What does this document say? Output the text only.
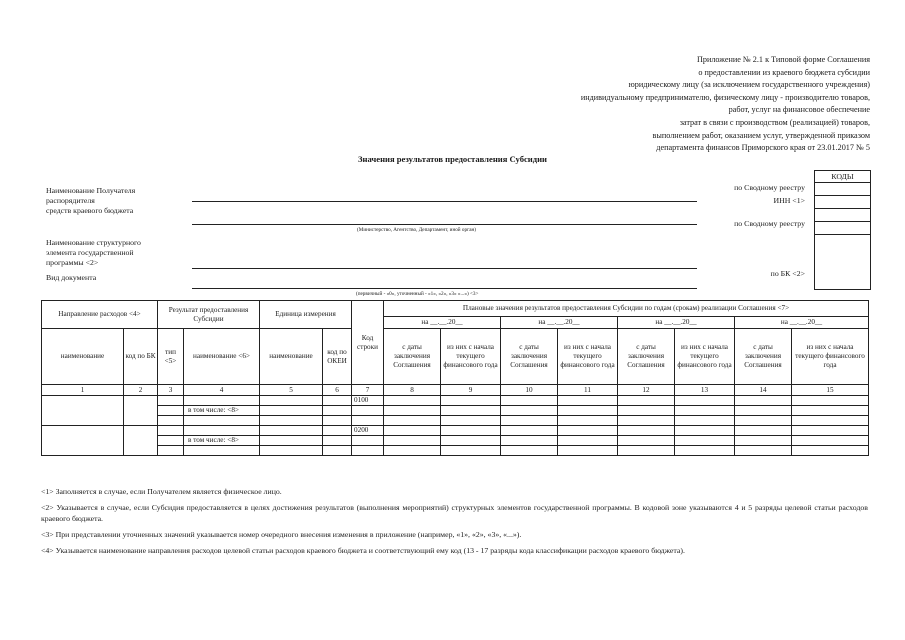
Приложение № 2.1 к Типовой форме Соглашения
о предоставлении из краевого бюджета субсидии
юридическому лицу (за исключением государственного учреждения)
индивидуальному предпринимателю, физическому лицу - производителю товаров,
работ, услуг на финансовое обеспечение
затрат в связи с производством (реализацией) товаров,
выполнением работ, оказанием услуг, утвержденной приказом
департамента финансов Приморского края от 23.01.2017 № 5
Значения результатов предоставления Субсидии
Наименование Получателя
распорядителя
средств краевого бюджета
(Министерство, Агентство, Департамент, иной орган)
Наименование структурного
элемента государственной
программы <2>
Вид документа
(первичный - «0», уточненный - «1», «2», «3» «...») <3>
по Сводному реестру
ИНН <1>
по Сводному реестру
по БК <2>
КОДЫ
Направление расходов <4>		Результат предоставления Субсидии		Единица измерения		Код строки	Плановые значения результатов предоставления Субсидии по годам (срокам) реализации Соглашения <7>							
							на __.__.20__		на __.__.20__		на __.__.20__		на __.__.20__	
наименование	код по БК	тип <5>	наименование <6>	наименование	код по ОКЕИ		с даты заключения Соглашения	из них с начала текущего финансового года	с даты заключения Соглашения	из них с начала текущего финансового года	с даты заключения Соглашения	из них с начала текущего финансового года	с даты заключения Соглашения	из них с начала текущего финансового года
1	2	3	4	5	6	7	8	9	10	11	12	13	14	15
						0100								
			в том числе: <8>											

						0200								
			в том числе: <8>											

<1> Заполняется в случае, если Получателем является физическое лицо.

<2> Указывается в случае, если Субсидия предоставляется в целях достижения результатов (выполнения мероприятий) структурных элементов государственной программы. В кодовой зоне указываются 4 и 5 разряды целевой статьи расходов краевого бюджета.

<3> При представлении уточненных значений указывается номер очередного внесения изменения в приложение (например, «1», «2», «3», «...»).

<4> Указывается наименование направления расходов целевой статьи расходов краевого бюджета и соответствующий ему код (13 - 17 разряды кода классификации расходов краевого бюджета).
